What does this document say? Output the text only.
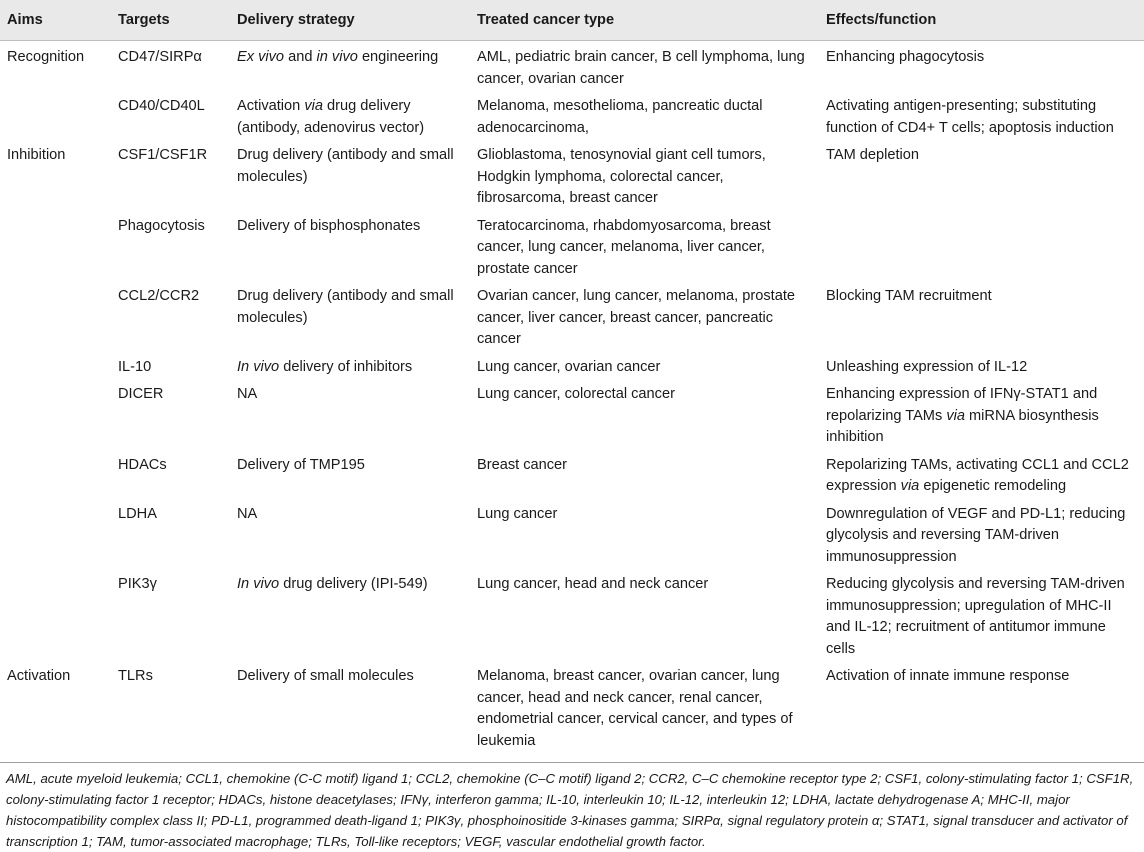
Aims	Targets	Delivery strategy	Treated cancer type	Effects/function
Recognition	CD47/SIRPα	Ex vivo and in vivo engineering	AML, pediatric brain cancer, B cell lymphoma, lung cancer, ovarian cancer	Enhancing phagocytosis
	CD40/CD40L	Activation via drug delivery (antibody, adenovirus vector)	Melanoma, mesothelioma, pancreatic ductal adenocarcinoma,	Activating antigen-presenting; substituting function of CD4+ T cells; apoptosis induction
Inhibition	CSF1/CSF1R	Drug delivery (antibody and small molecules)	Glioblastoma, tenosynovial giant cell tumors, Hodgkin lymphoma, colorectal cancer, fibrosarcoma, breast cancer	TAM depletion
	Phagocytosis	Delivery of bisphosphonates	Teratocarcinoma, rhabdomyosarcoma, breast cancer, lung cancer, melanoma, liver cancer, prostate cancer	
	CCL2/CCR2	Drug delivery (antibody and small molecules)	Ovarian cancer, lung cancer, melanoma, prostate cancer, liver cancer, breast cancer, pancreatic cancer	Blocking TAM recruitment
	IL-10	In vivo delivery of inhibitors	Lung cancer, ovarian cancer	Unleashing expression of IL-12
	DICER	NA	Lung cancer, colorectal cancer	Enhancing expression of IFNγ-STAT1 and repolarizing TAMs via miRNA biosynthesis inhibition
	HDACs	Delivery of TMP195	Breast cancer	Repolarizing TAMs, activating CCL1 and CCL2 expression via epigenetic remodeling
	LDHA	NA	Lung cancer	Downregulation of VEGF and PD-L1; reducing glycolysis and reversing TAM-driven immunosuppression
	PIK3γ	In vivo drug delivery (IPI-549)	Lung cancer, head and neck cancer	Reducing glycolysis and reversing TAM-driven immunosuppression; upregulation of MHC-II and IL-12; recruitment of antitumor immune cells
Activation	TLRs	Delivery of small molecules	Melanoma, breast cancer, ovarian cancer, lung cancer, head and neck cancer, renal cancer, endometrial cancer, cervical cancer, and types of leukemia	Activation of innate immune response
AML, acute myeloid leukemia; CCL1, chemokine (C-C motif) ligand 1; CCL2, chemokine (C–C motif) ligand 2; CCR2, C–C chemokine receptor type 2; CSF1, colony-stimulating factor 1; CSF1R, colony-stimulating factor 1 receptor; HDACs, histone deacetylases; IFNγ, interferon gamma; IL-10, interleukin 10; IL-12, interleukin 12; LDHA, lactate dehydrogenase A; MHC-II, major histocompatibility complex class II; PD-L1, programmed death-ligand 1; PIK3γ, phosphoinositide 3-kinases gamma; SIRPα, signal regulatory protein α; STAT1, signal transducer and activator of transcription 1; TAM, tumor-associated macrophage; TLRs, Toll-like receptors; VEGF, vascular endothelial growth factor.
